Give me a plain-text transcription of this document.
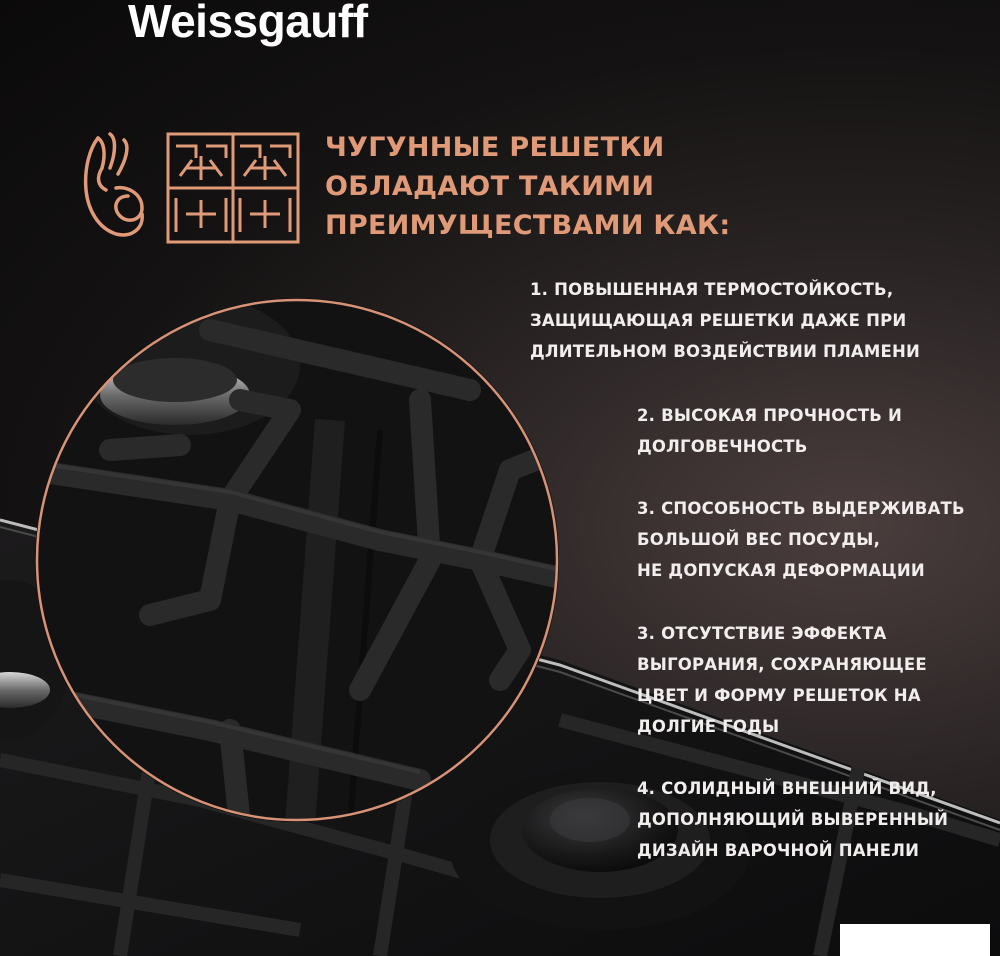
Weissgauff
ЧУГУННЫЕ РЕШЕТКИ
ОБЛАДАЮТ ТАКИМИ
ПРЕИМУЩЕСТВАМИ КАК:
1. ПОВЫШЕННАЯ ТЕРМОСТОЙКОСТЬ,
ЗАЩИЩАЮЩАЯ РЕШЕТКИ ДАЖЕ ПРИ
ДЛИТЕЛЬНОМ ВОЗДЕЙСТВИИ ПЛАМЕНИ
2. ВЫСОКАЯ ПРОЧНОСТЬ И
ДОЛГОВЕЧНОСТЬ
3. СПОСОБНОСТЬ ВЫДЕРЖИВАТЬ
БОЛЬШОЙ ВЕС ПОСУДЫ,
НЕ ДОПУСКАЯ ДЕФОРМАЦИИ
3. ОТСУТСТВИЕ ЭФФЕКТА
ВЫГОРАНИЯ, СОХРАНЯЮЩЕЕ
ЦВЕТ И ФОРМУ РЕШЕТОК НА
ДОЛГИЕ ГОДЫ
4. СОЛИДНЫЙ ВНЕШНИЙ ВИД,
ДОПОЛНЯЮЩИЙ ВЫВЕРЕННЫЙ
ДИЗАЙН ВАРОЧНОЙ ПАНЕЛИ
